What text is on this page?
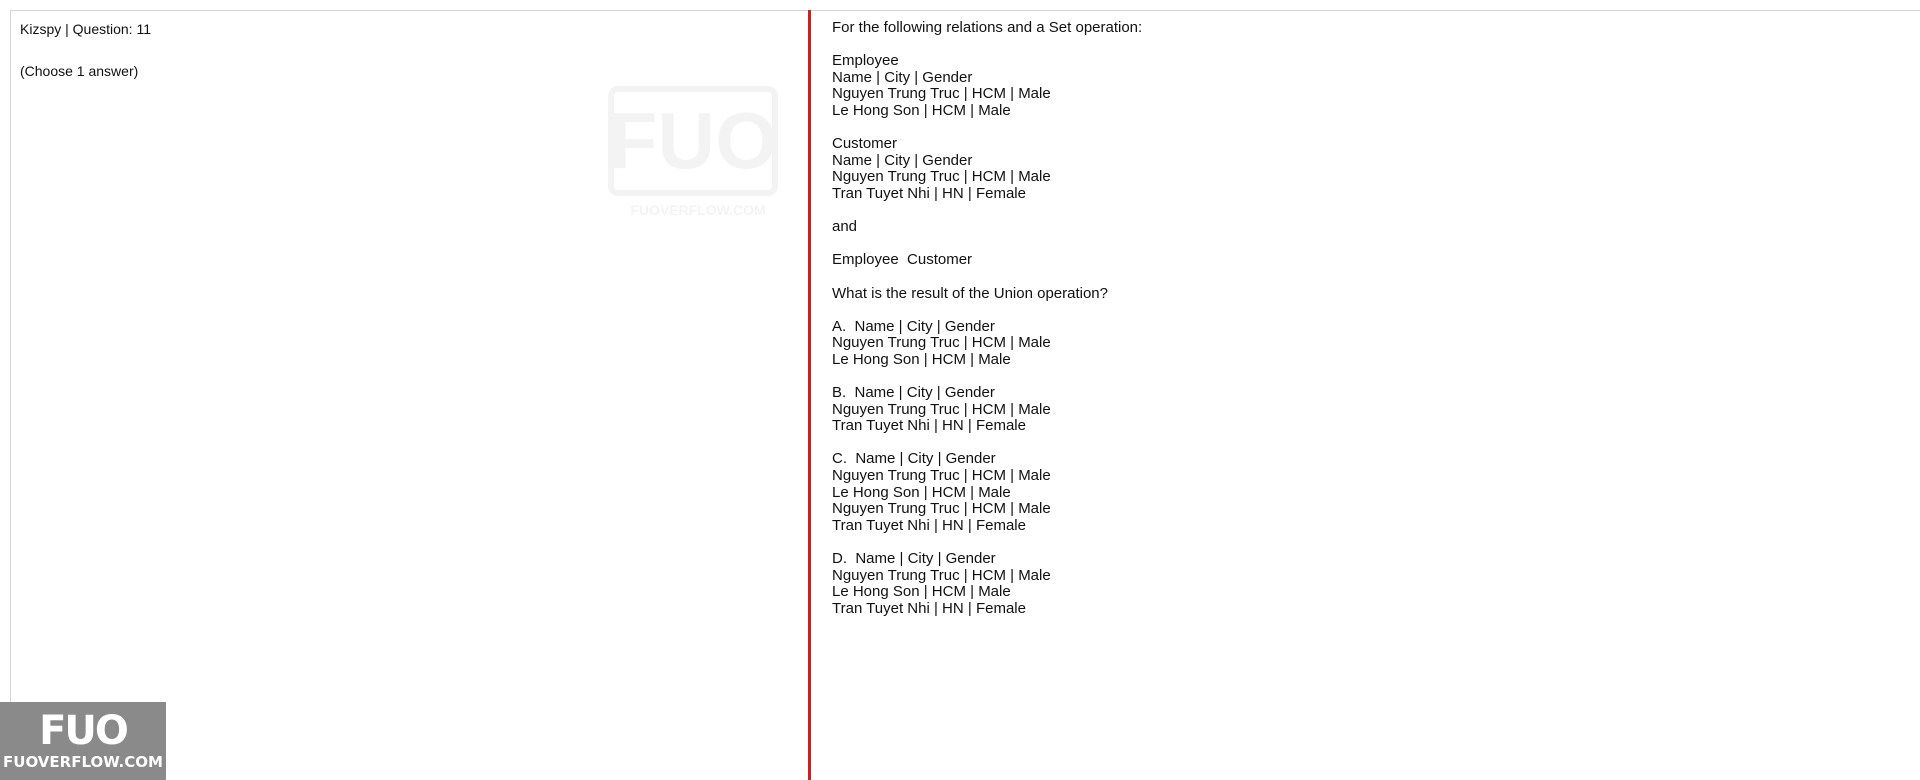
Kizspy | Question: 11
(Choose 1 answer)
For the following relations and a Set operation:
Employee
Name | City | Gender
Nguyen Trung Truc | HCM | Male
Le Hong Son | HCM | Male
Customer
Name | City | Gender
Nguyen Trung Truc | HCM | Male
Tran Tuyet Nhi | HN | Female
and
Employee  Customer
What is the result of the Union operation?
A.  Name | City | Gender
Nguyen Trung Truc | HCM | Male
Le Hong Son | HCM | Male
B.  Name | City | Gender
Nguyen Trung Truc | HCM | Male
Tran Tuyet Nhi | HN | Female
C.  Name | City | Gender
Nguyen Trung Truc | HCM | Male
Le Hong Son | HCM | Male
Nguyen Trung Truc | HCM | Male
Tran Tuyet Nhi | HN | Female
D.  Name | City | Gender
Nguyen Trung Truc | HCM | Male
Le Hong Son | HCM | Male
Tran Tuyet Nhi | HN | Female
FUO
FUOVERFLOW.COM
